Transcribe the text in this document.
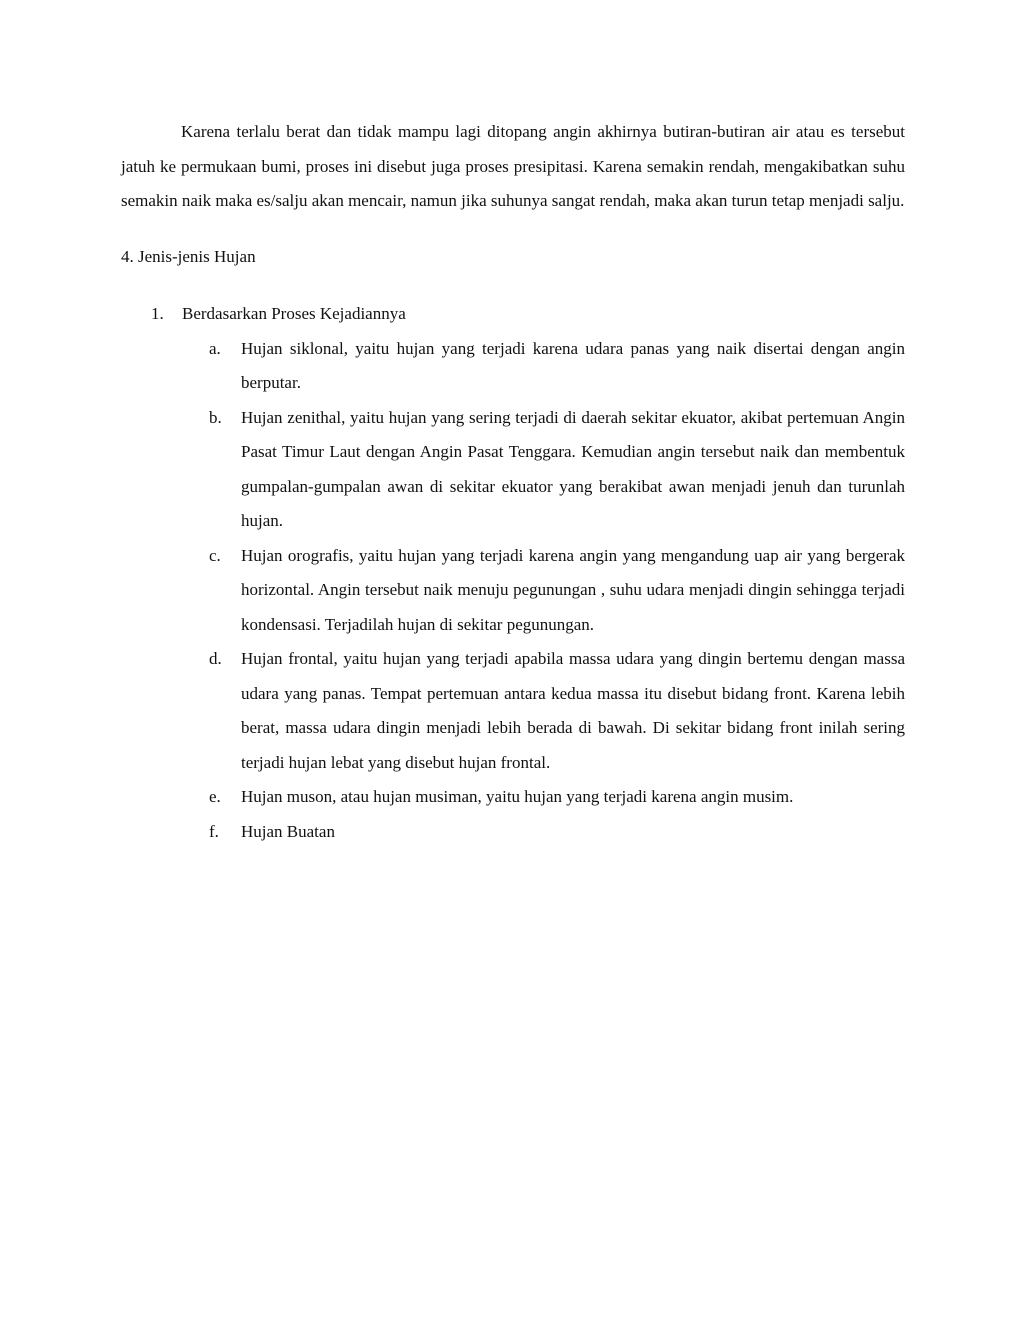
Karena terlalu berat dan tidak mampu lagi ditopang angin akhirnya butiran-butiran air atau es tersebut jatuh ke permukaan bumi, proses ini disebut juga proses presipitasi. Karena semakin rendah, mengakibatkan suhu semakin naik maka es/salju akan mencair, namun jika suhunya sangat rendah, maka akan turun tetap menjadi salju.

4. Jenis-jenis Hujan
1.	Berdasarkan Proses Kejadiannya
a. Hujan siklonal, yaitu hujan yang terjadi karena udara panas yang naik disertai dengan angin berputar.
b. Hujan zenithal, yaitu hujan yang sering terjadi di daerah sekitar ekuator, akibat pertemuan Angin Pasat Timur Laut dengan Angin Pasat Tenggara. Kemudian angin tersebut naik dan membentuk gumpalan-gumpalan awan di sekitar ekuator yang berakibat awan menjadi jenuh dan turunlah hujan.
c. Hujan orografis, yaitu hujan yang terjadi karena angin yang mengandung uap air yang bergerak horizontal. Angin tersebut naik menuju pegunungan , suhu udara menjadi dingin sehingga terjadi kondensasi. Terjadilah hujan di sekitar pegunungan.
d. Hujan frontal, yaitu hujan yang terjadi apabila massa udara yang dingin bertemu dengan massa udara yang panas. Tempat pertemuan antara kedua massa itu disebut bidang front. Karena lebih berat, massa udara dingin menjadi lebih berada di bawah. Di sekitar bidang front inilah sering terjadi hujan lebat yang disebut hujan frontal.
e. Hujan muson, atau hujan musiman, yaitu hujan yang terjadi karena angin musim.
f. Hujan Buatan
